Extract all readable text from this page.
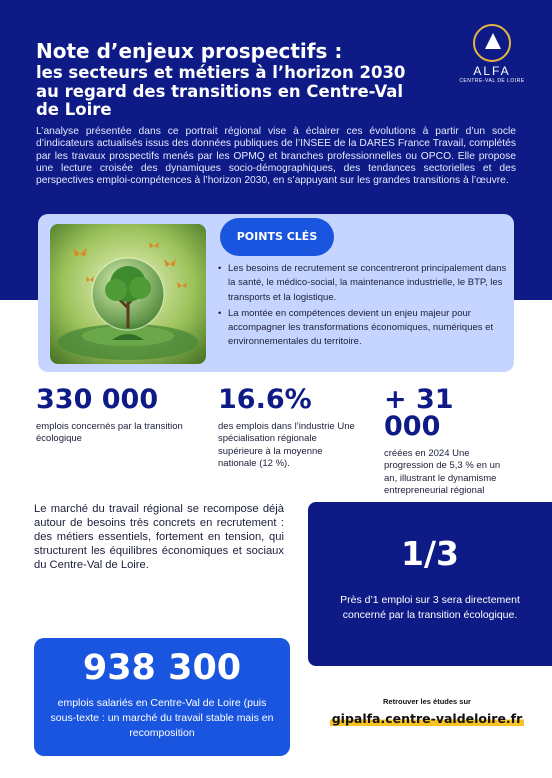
Note d’enjeux prospectifs :
les secteurs et métiers à l’horizon 2030 au regard des transitions en Centre-Val de Loire
ALFA
CENTRE-VAL DE LOIRE

L’analyse présentée dans ce portrait régional vise à éclairer ces évolutions à partir d’un socle d’indicateurs actualisés issus des données publiques de l’INSEE de la DARES France Travail, complétés par les travaux prospectifs menés par les OPMQ et branches professionnelles ou OPCO. Elle propose une lecture croisée des dynamiques socio-démographiques, des tendances sectorielles et des perspectives emploi-compétences à l’horizon 2030, en s’appuyant sur les grandes transitions à l’œuvre.

POINTS CLÉS
• Les besoins de recrutement se concentreront principalement dans la santé, le médico-social, la maintenance industrielle, le BTP, les transports et la logistique.
• La montée en compétences devient un enjeu majeur pour accompagner les transformations économiques, numériques et environnementales du territoire.
330 000
emplois concernés par la transition écologique
16.6%
des emplois dans l’industrie Une spécialisation régionale supérieure à la moyenne nationale (12 %).
+ 31 000
créées en 2024 Une progression de 5,3 % en un an, illustrant le dynamisme entrepreneurial régional

Le marché du travail régional se recompose déjà autour de besoins très concrets en recrutement : des métiers essentiels, fortement en tension, qui structurent les équilibres économiques et sociaux du Centre-Val de Loire.	1/3
Près d’1 emploi sur 3 sera directement concerné par la transition écologique.
938 300
emplois salariés en Centre-Val de Loire (puis sous-texte : un marché du travail stable mais en recomposition
Retrouver les études sur
gipalfa.centre-valdeloire.fr
